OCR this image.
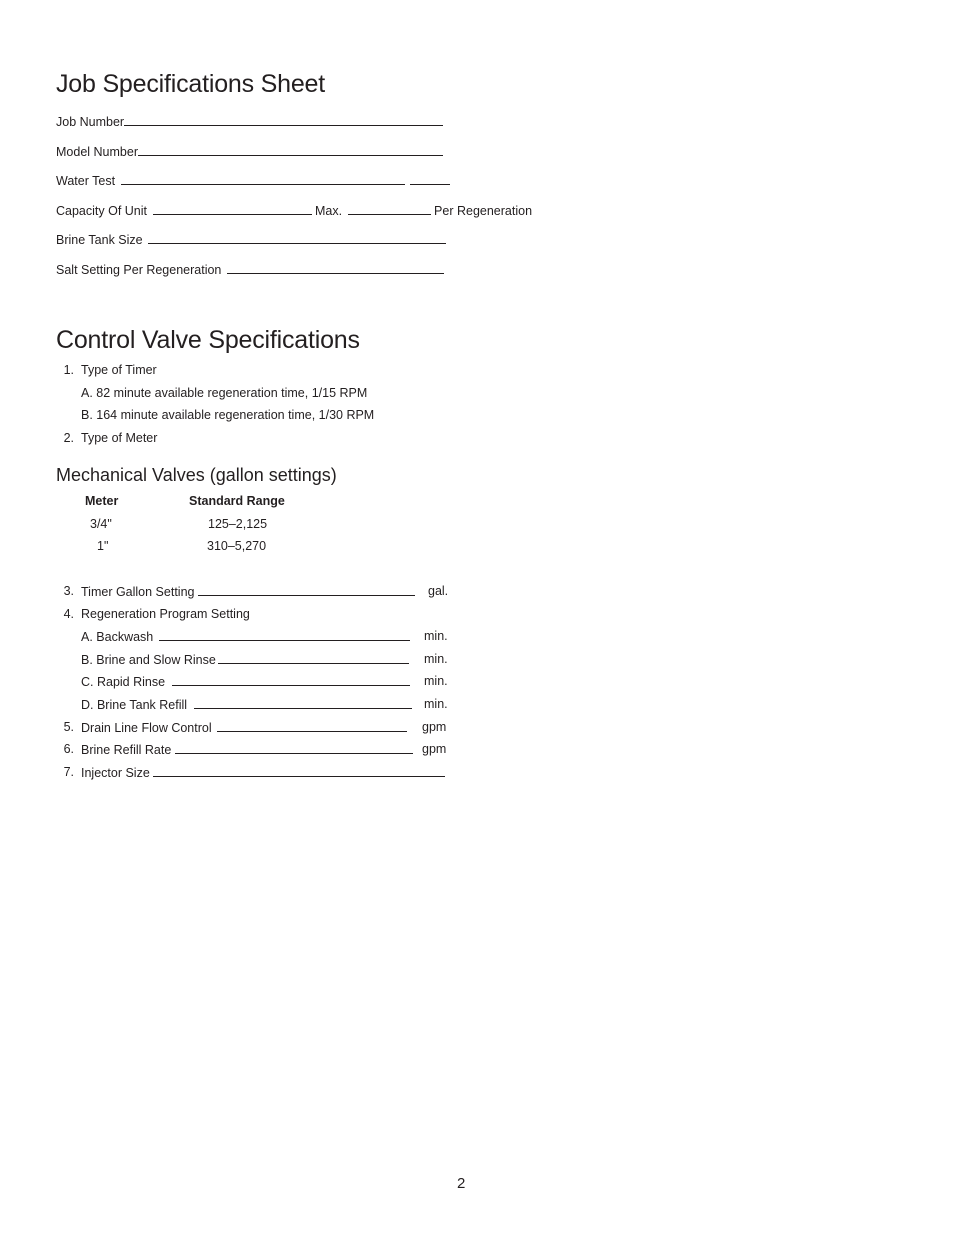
Job Specifications Sheet
Job Number
Model Number
Water Test
Capacity Of Unit	Max.	Per Regeneration
Brine Tank Size
Salt Setting Per Regeneration
Control Valve Specifications
1. Type of Timer
A. 82 minute available regeneration time, 1/15 RPM
B. 164 minute available regeneration time, 1/30 RPM
2. Type of Meter
Mechanical Valves (gallon settings)
Meter	Standard Range
3/4"	125–2,125
1"	310–5,270
3. Timer Gallon Setting	gal.
4. Regeneration Program Setting
A. Backwash	min.
B. Brine and Slow Rinse	min.
C. Rapid Rinse	min.
D. Brine Tank Refill	min.
5. Drain Line Flow Control	gpm
6. Brine Refill Rate	gpm
7. Injector Size
2
